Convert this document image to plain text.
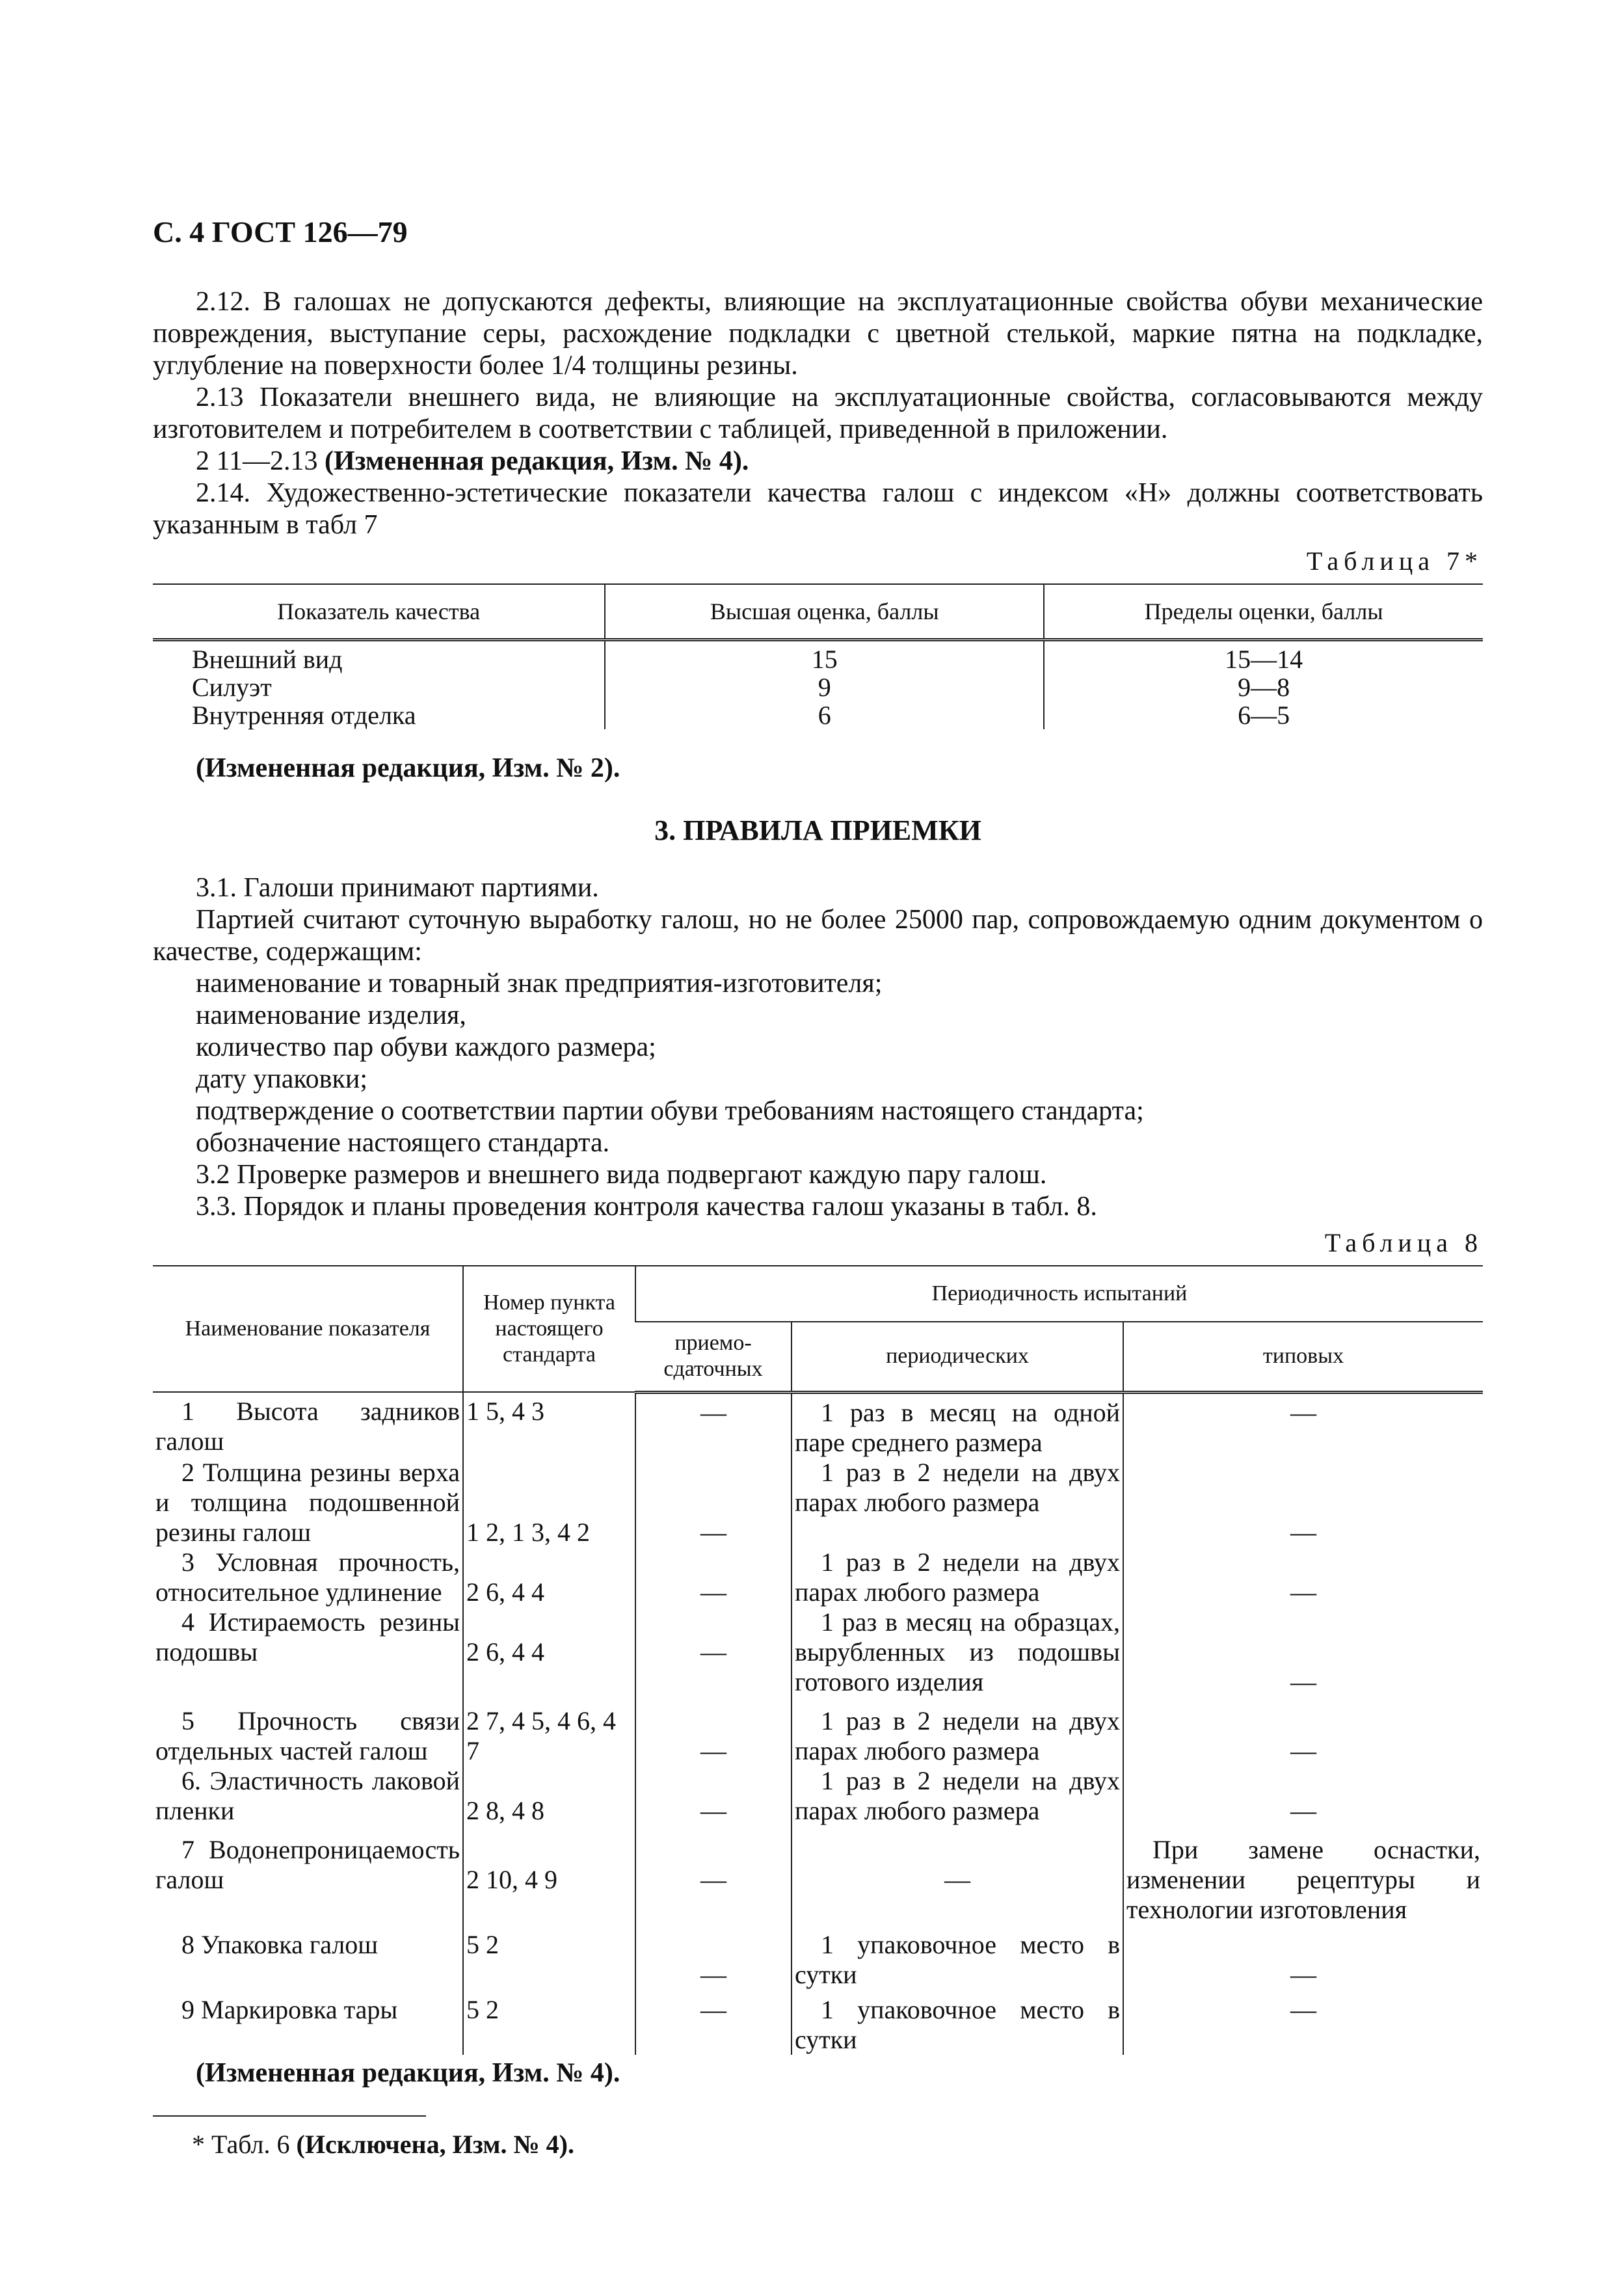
С. 4 ГОСТ 126—79

2.12. В галошах не допускаются дефекты, влияющие на эксплуатационные свойства обуви механические повреждения, выступание серы, расхождение подкладки с цветной стелькой, маркие пятна на подкладке, углубление на поверхности более 1/4 толщины резины.

2.13 Показатели внешнего вида, не влияющие на эксплуатационные свойства, согласовываются между изготовителем и потребителем в соответствии с таблицей, приведенной в приложении.

2 11—2.13 (Измененная редакция, Изм. № 4).

2.14. Художественно-эстетические показатели качества галош с индексом «Н» должны соответствовать указанным в табл 7

Таблица 7*
Показатель качества	Высшая оценка, баллы	Пределы оценки, баллы
Внешний вид	15	15—14
Силуэт	9	9—8
Внутренняя отделка	6	6—5

(Измененная редакция, Изм. № 2).

3. ПРАВИЛА ПРИЕМКИ

3.1. Галоши принимают партиями.

Партией считают суточную выработку галош, но не более 25000 пар, сопровождаемую одним документом о качестве, содержащим:

наименование и товарный знак предприятия-изготовителя;
наименование изделия,
количество пар обуви каждого размера;
дату упаковки;
подтверждение о соответствии партии обуви требованиям настоящего стандарта;
обозначение настоящего стандарта.

3.2 Проверке размеров и внешнего вида подвергают каждую пару галош.

3.3. Порядок и планы проведения контроля качества галош указаны в табл. 8.

Таблица 8
Наименование показателя	Номер пункта настоящего стандарта	Периодичность испытаний		
		приемо-сдаточных	периодических	типовых
1 Высота задников галош	1 5, 4 3	—	1 раз в месяц на одной паре среднего размера	—
2 Толщина резины верха и толщина подошвенной резины галош	1 2, 1 3, 4 2	—	1 раз в 2 недели на двух парах любого размера	—
3 Условная прочность, относительное удлинение	2 6, 4 4	—	1 раз в 2 недели на двух парах любого размера	—
4 Истираемость резины подошвы	2 6, 4 4	—	1 раз в месяц на образцах, вырубленных из подошвы готового изделия	—
5 Прочность связи отдельных частей галош	2 7, 4 5, 4 6, 4 7	—	1 раз в 2 недели на двух парах любого размера	—
6. Эластичность лаковой пленки	2 8, 4 8	—	1 раз в 2 недели на двух парах любого размера	—
7 Водонепроницаемость галош	2 10, 4 9	—	—	При замене оснастки, изменении рецептуры и технологии изготовления
8 Упаковка галош	5 2	—	1 упаковочное место в сутки	—
9 Маркировка тары	5 2	—	1 упаковочное место в сутки	—

(Измененная редакция, Изм. № 4).

* Табл. 6 (Исключена, Изм. № 4).
